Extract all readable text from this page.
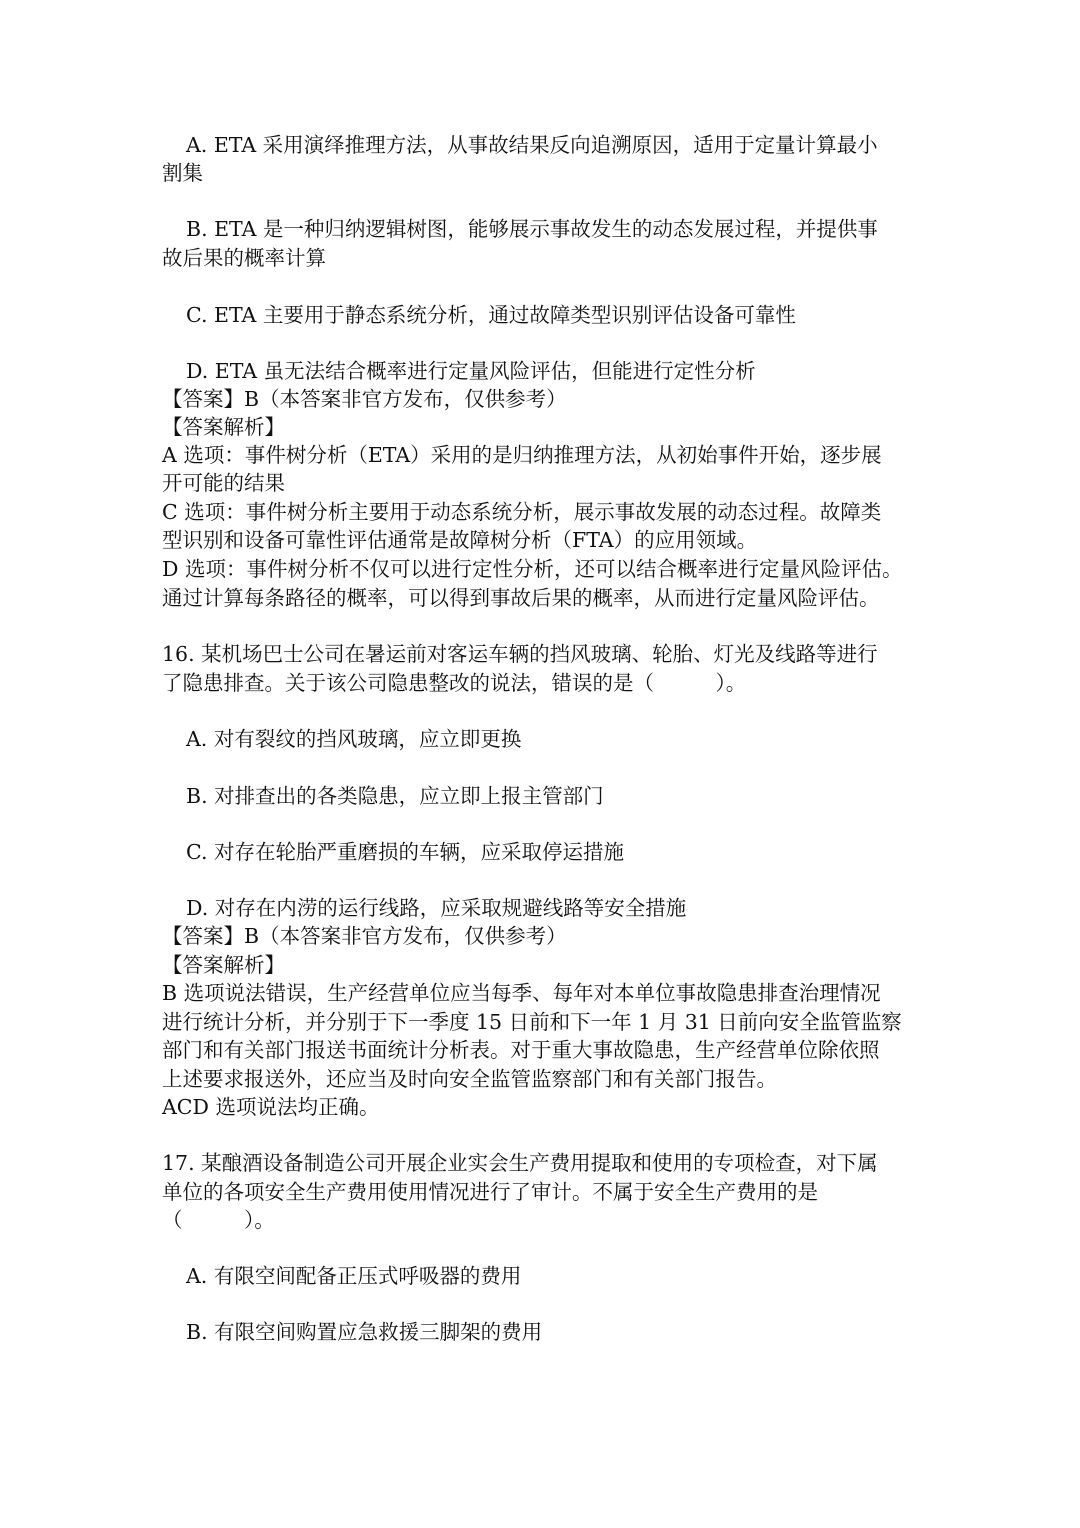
A. ETA 采用演绎推理方法，从事故结果反向追溯原因，适用于定量计算最小
割集
B. ETA 是一种归纳逻辑树图，能够展示事故发生的动态发展过程，并提供事
故后果的概率计算
C. ETA 主要用于静态系统分析，通过故障类型识别评估设备可靠性
D. ETA 虽无法结合概率进行定量风险评估，但能进行定性分析
【答案】B（本答案非官方发布，仅供参考）
【答案解析】
A 选项：事件树分析（ETA）采用的是归纳推理方法，从初始事件开始，逐步展
开可能的结果
C 选项：事件树分析主要用于动态系统分析，展示事故发展的动态过程。故障类
型识别和设备可靠性评估通常是故障树分析（FTA）的应用领域。
D 选项：事件树分析不仅可以进行定性分析，还可以结合概率进行定量风险评估。
通过计算每条路径的概率，可以得到事故后果的概率，从而进行定量风险评估。
16. 某机场巴士公司在暑运前对客运车辆的挡风玻璃、轮胎、灯光及线路等进行
了隐患排查。关于该公司隐患整改的说法，错误的是（　　　）。
A. 对有裂纹的挡风玻璃，应立即更换
B. 对排查出的各类隐患，应立即上报主管部门
C. 对存在轮胎严重磨损的车辆，应采取停运措施
D. 对存在内涝的运行线路，应采取规避线路等安全措施
【答案】B（本答案非官方发布，仅供参考）
【答案解析】
B 选项说法错误，生产经营单位应当每季、每年对本单位事故隐患排查治理情况
进行统计分析，并分别于下一季度 15 日前和下一年 1 月 31 日前向安全监管监察
部门和有关部门报送书面统计分析表。对于重大事故隐患，生产经营单位除依照
上述要求报送外，还应当及时向安全监管监察部门和有关部门报告。
ACD 选项说法均正确。
17. 某酿酒设备制造公司开展企业实会生产费用提取和使用的专项检查，对下属
单位的各项安全生产费用使用情况进行了审计。不属于安全生产费用的是
（　　　）。
A. 有限空间配备正压式呼吸器的费用
B. 有限空间购置应急救援三脚架的费用
